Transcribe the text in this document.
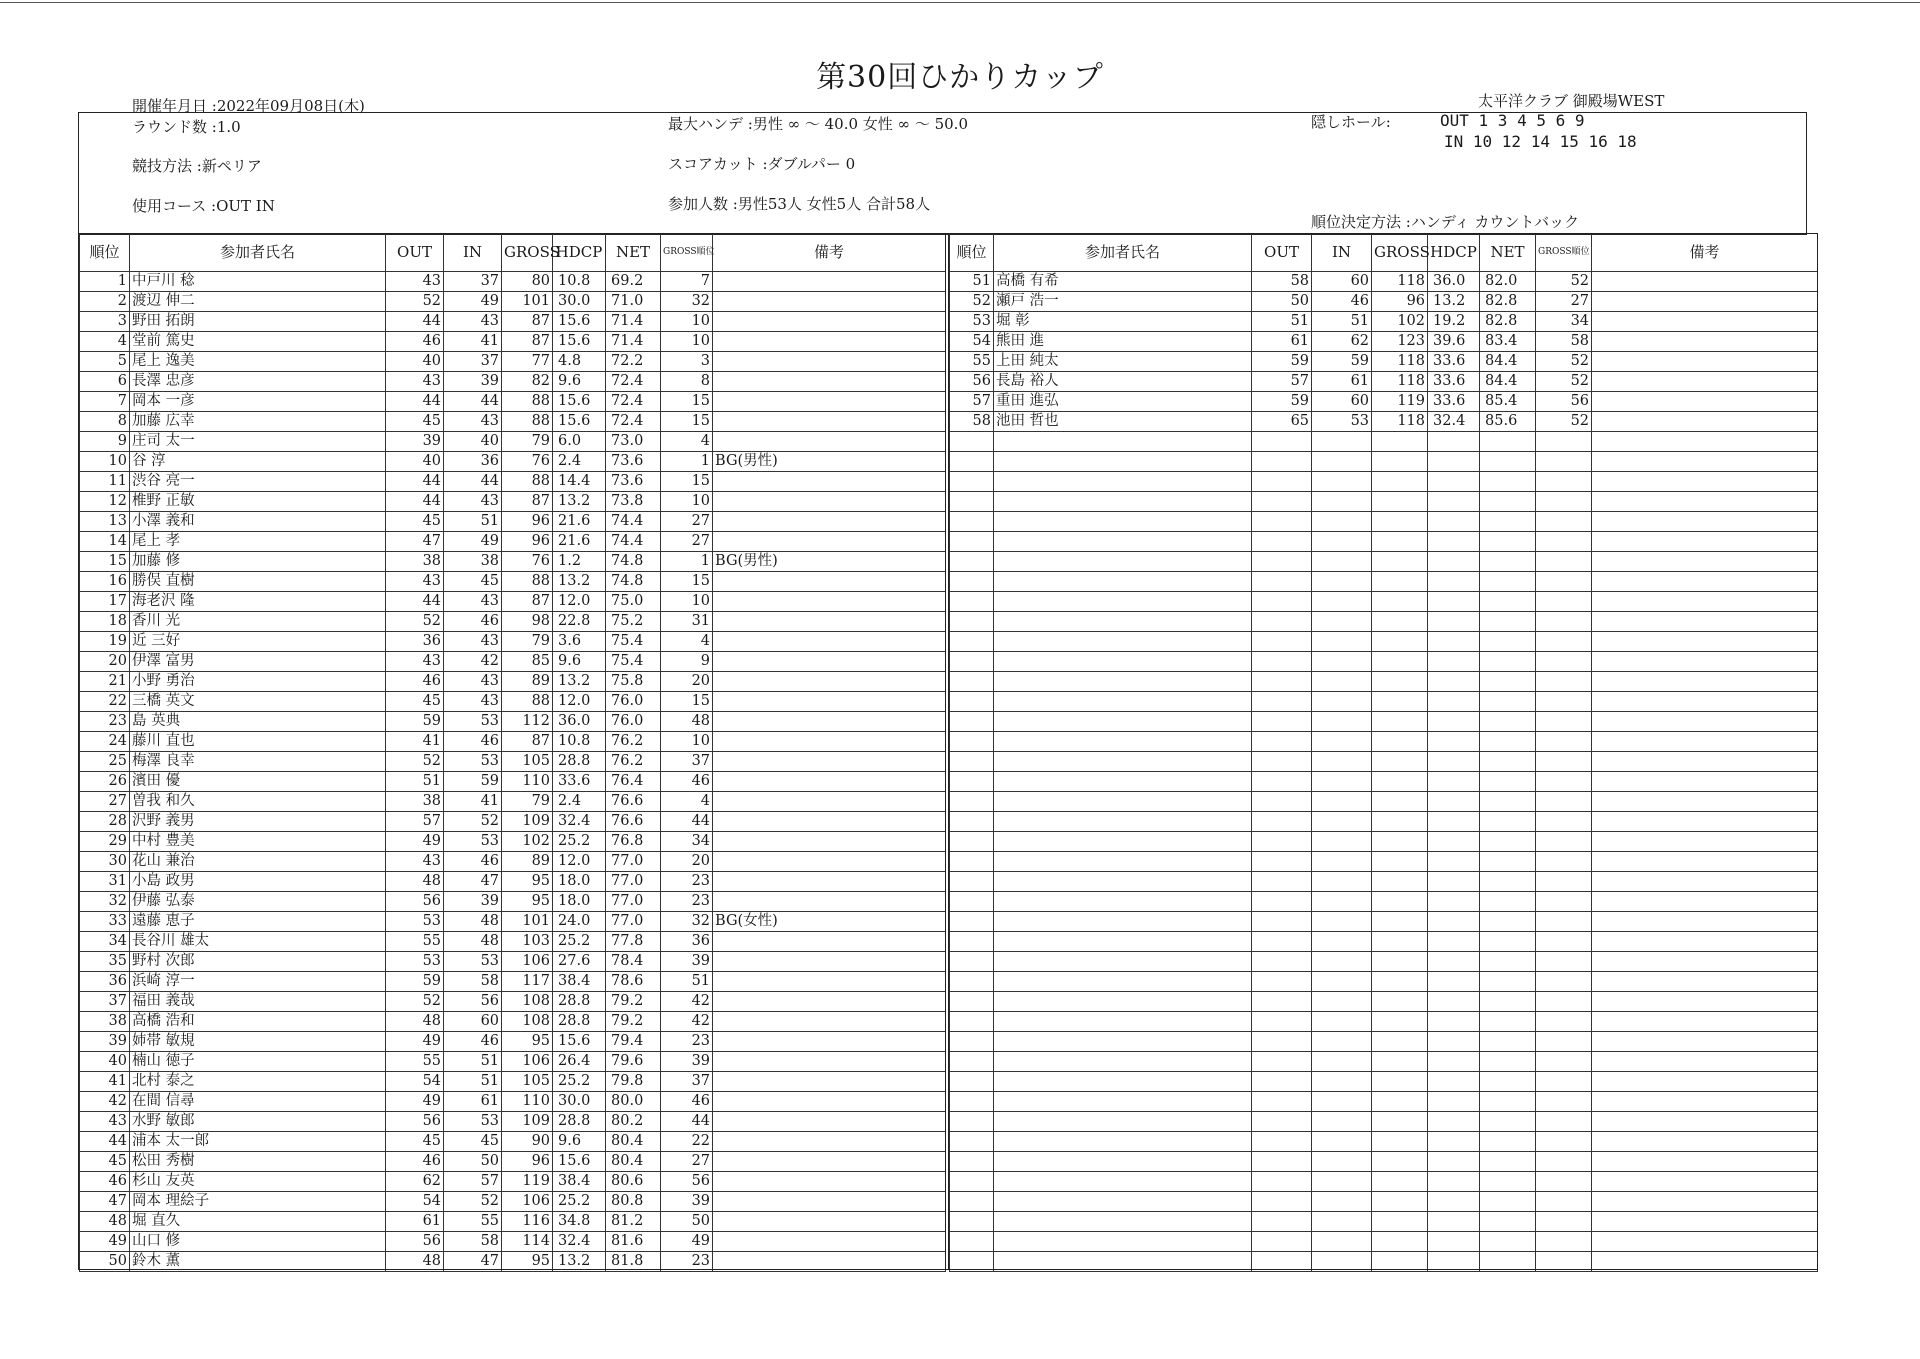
第30回ひかりカップ
開催年月日 :2022年09月08日(木)	太平洋クラブ 御殿場WEST
ラウンド数 :1.0	最大ハンデ :男性 ∞ ～ 40.0 女性 ∞ ～ 50.0	隠しホール:	OUT 1 3 4 5 6 9
IN 10 12 14 15 16 18
競技方法 :新ペリア	スコアカット :ダブルパー 0
使用コース :OUT IN	参加人数 :男性53人 女性5人 合計58人
順位決定方法 :ハンディ カウントバック
順位	参加者氏名		OUT	IN	GROSS	HDCP	NET	GROSS順位	備考
1	中戸川 稔		43	37	80	10.8	69.2	7	
2	渡辺 伸二		52	49	101	30.0	71.0	32	
3	野田 拓朗		44	43	87	15.6	71.4	10	
4	堂前 篤史		46	41	87	15.6	71.4	10	
5	尾上 逸美		40	37	77	4.8	72.2	3	
6	長澤 忠彦		43	39	82	9.6	72.4	8	
7	岡本 一彦		44	44	88	15.6	72.4	15	
8	加藤 広幸		45	43	88	15.6	72.4	15	
9	庄司 太一		39	40	79	6.0	73.0	4	
10	谷 淳		40	36	76	2.4	73.6	1	BG(男性)
11	渋谷 亮一		44	44	88	14.4	73.6	15	
12	椎野 正敏		44	43	87	13.2	73.8	10	
13	小澤 義和		45	51	96	21.6	74.4	27	
14	尾上 孝		47	49	96	21.6	74.4	27	
15	加藤 修		38	38	76	1.2	74.8	1	BG(男性)
16	勝俣 直樹		43	45	88	13.2	74.8	15	
17	海老沢 隆		44	43	87	12.0	75.0	10	
18	香川 光		52	46	98	22.8	75.2	31	
19	近 三好		36	43	79	3.6	75.4	4	
20	伊澤 富男		43	42	85	9.6	75.4	9	
21	小野 勇治		46	43	89	13.2	75.8	20	
22	三橋 英文		45	43	88	12.0	76.0	15	
23	島 英典		59	53	112	36.0	76.0	48	
24	藤川 直也		41	46	87	10.8	76.2	10	
25	梅澤 良幸		52	53	105	28.8	76.2	37	
26	濱田 優		51	59	110	33.6	76.4	46	
27	曽我 和久		38	41	79	2.4	76.6	4	
28	沢野 義男		57	52	109	32.4	76.6	44	
29	中村 豊美		49	53	102	25.2	76.8	34	
30	花山 兼治		43	46	89	12.0	77.0	20	
31	小島 政男		48	47	95	18.0	77.0	23	
32	伊藤 弘泰		56	39	95	18.0	77.0	23	
33	遠藤 恵子		53	48	101	24.0	77.0	32	BG(女性)
34	長谷川 雄太		55	48	103	25.2	77.8	36	
35	野村 次郎		53	53	106	27.6	78.4	39	
36	浜崎 淳一		59	58	117	38.4	78.6	51	
37	福田 義哉		52	56	108	28.8	79.2	42	
38	高橋 浩和		48	60	108	28.8	79.2	42	
39	姉帯 敏規		49	46	95	15.6	79.4	23	
40	楠山 徳子		55	51	106	26.4	79.6	39	
41	北村 泰之		54	51	105	25.2	79.8	37	
42	在間 信尋		49	61	110	30.0	80.0	46	
43	水野 敏郎		56	53	109	28.8	80.2	44	
44	浦本 太一郎		45	45	90	9.6	80.4	22	
45	松田 秀樹		46	50	96	15.6	80.4	27	
46	杉山 友英		62	57	119	38.4	80.6	56	
47	岡本 理絵子		54	52	106	25.2	80.8	39	
48	堀 直久		61	55	116	34.8	81.2	50	
49	山口 修		56	58	114	32.4	81.6	49	
50	鈴木 薫		48	47	95	13.2	81.8	23	
順位	参加者氏名		OUT	IN	GROSS	HDCP	NET	GROSS順位	備考
51	高橋 有希		58	60	118	36.0	82.0	52	
52	瀬戸 浩一		50	46	96	13.2	82.8	27	
53	堀 彰		51	51	102	19.2	82.8	34	
54	熊田 進		61	62	123	39.6	83.4	58	
55	上田 純太		59	59	118	33.6	84.4	52	
56	長島 裕人		57	61	118	33.6	84.4	52	
57	重田 進弘		59	60	119	33.6	85.4	56	
58	池田 哲也		65	53	118	32.4	85.6	52	
